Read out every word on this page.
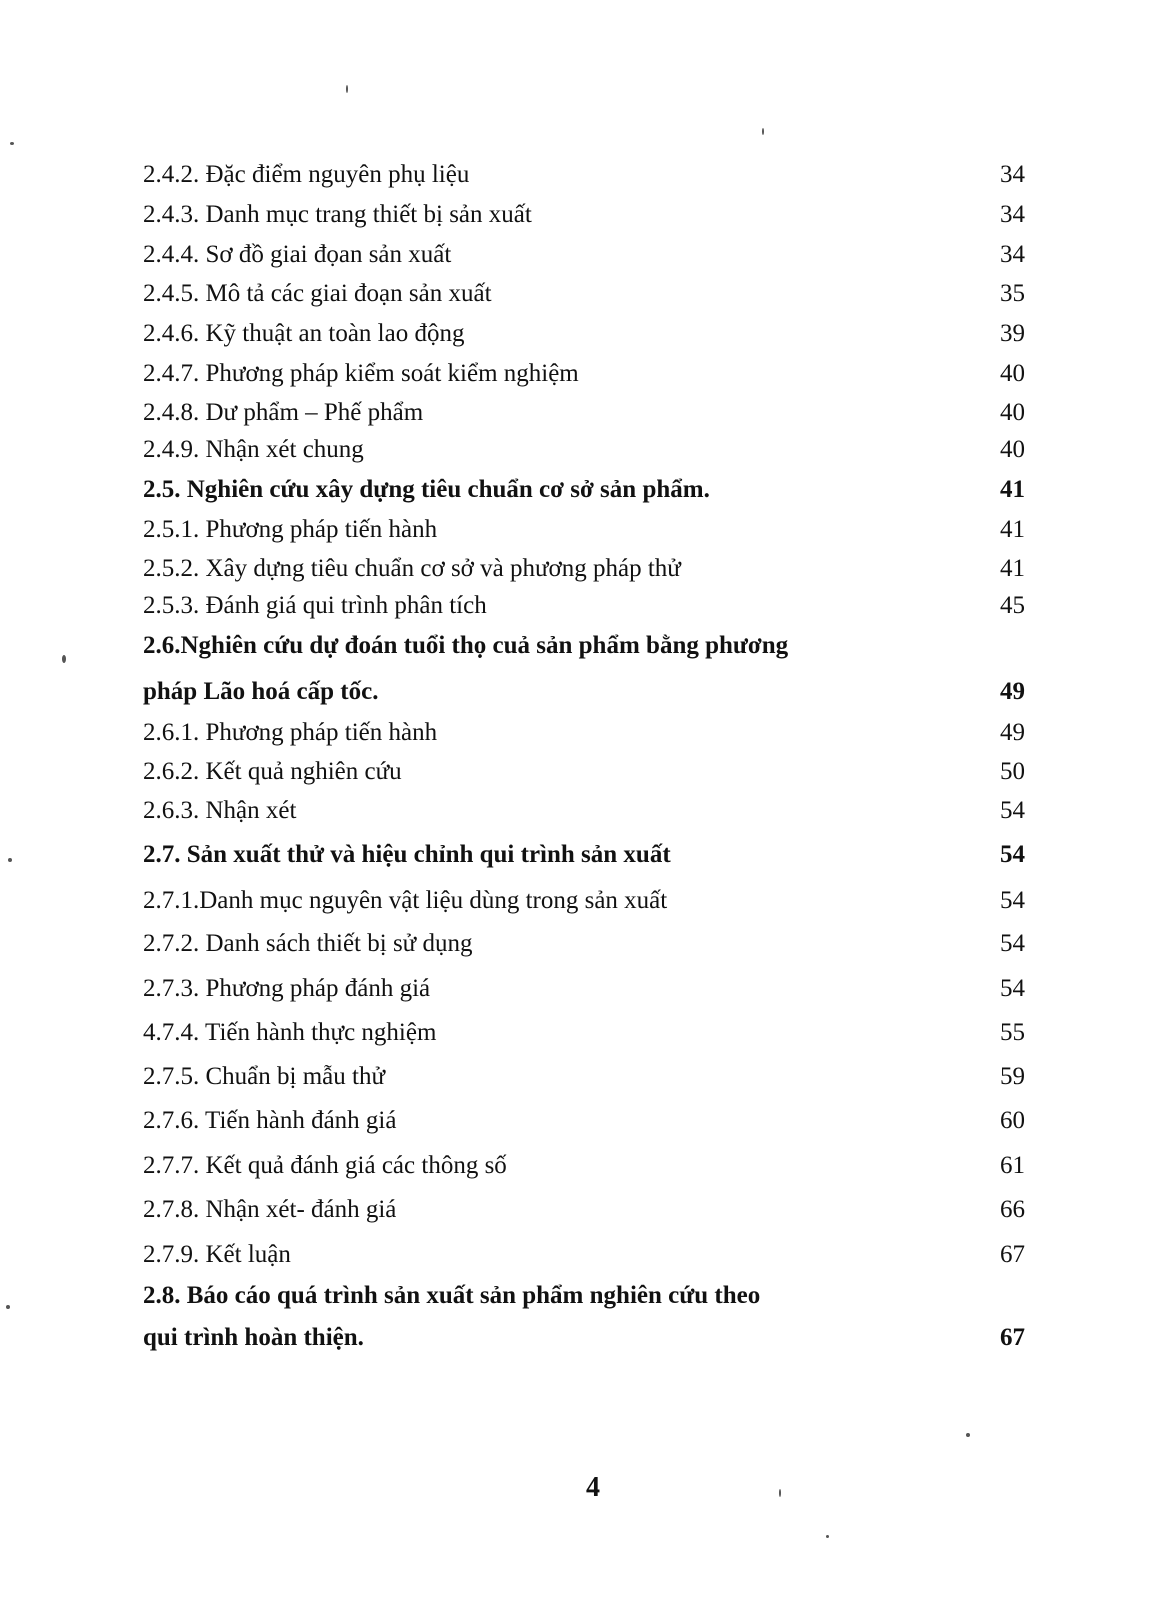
2.4.2. Đặc điểm nguyên phụ liệu	34
2.4.3. Danh mục trang thiết bị sản xuất	34
2.4.4. Sơ đồ giai đọan sản xuất	34
2.4.5. Mô tả các giai đoạn sản xuất	35
2.4.6. Kỹ thuật an toàn lao động	39
2.4.7. Phương pháp kiểm soát kiểm nghiệm	40
2.4.8. Dư phẩm – Phế phẩm	40
2.4.9. Nhận xét chung	40
2.5. Nghiên cứu xây dựng tiêu chuẩn cơ sở sản phẩm.	41
2.5.1. Phương pháp tiến hành	41
2.5.2. Xây dựng tiêu chuẩn cơ sở và phương pháp thử	41
2.5.3. Đánh giá qui trình phân tích	45
2.6.Nghiên cứu dự đoán tuổi thọ cuả sản phẩm bằng phương
pháp Lão hoá cấp tốc.	49
2.6.1. Phương pháp tiến hành	49
2.6.2. Kết quả nghiên cứu	50
2.6.3. Nhận xét	54
2.7. Sản xuất thử và hiệu chỉnh qui trình sản xuất	54
2.7.1.Danh mục nguyên vật liệu dùng trong sản xuất	54
2.7.2. Danh sách thiết bị sử dụng	54
2.7.3. Phương pháp đánh giá	54
4.7.4. Tiến hành thực nghiệm	55
2.7.5. Chuẩn bị mẫu thử	59
2.7.6. Tiến hành đánh giá	60
2.7.7. Kết quả đánh giá các thông số	61
2.7.8. Nhận xét- đánh giá	66
2.7.9. Kết luận	67
2.8. Báo cáo quá trình sản xuất sản phẩm nghiên cứu theo
qui trình hoàn thiện.	67
4
